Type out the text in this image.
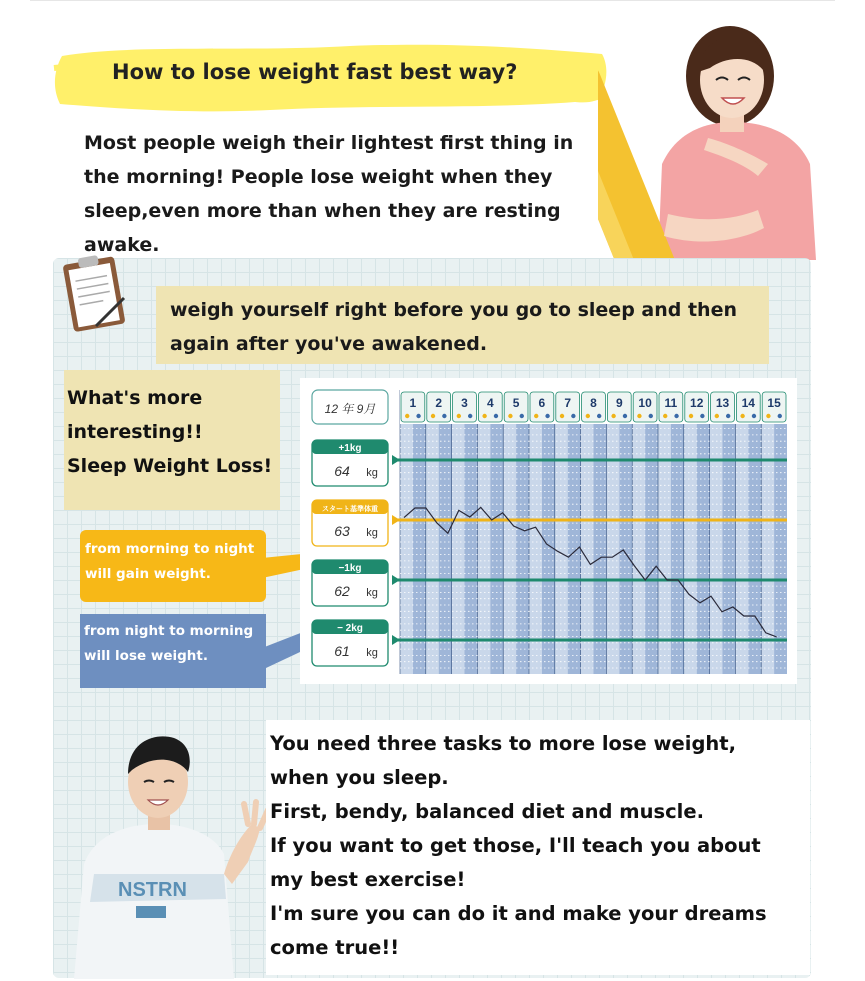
How to lose weight fast best way?
Most people weigh their lightest first thing in
the morning! People lose weight when they
sleep,even more than when they are resting
awake.
Stretchpole
weigh yourself right before you go to sleep and then
again after you've awakened.
What's more
interesting!!
Sleep Weight Loss!
from morning to night
will gain weight.
from night to morning
will lose weight.
12 年 9月
+1kg
64 kg
スタート基準体重
63 kg
−1kg
62 kg
− 2kg
61 kg
1 2 3 4 5 6 7 8 9 10 11 12 13 14 15
NSTRN
You need three tasks to more lose weight,
when you sleep.
First, bendy, balanced diet and muscle.
If you want to get those, I'll teach you about
my best exercise!
I'm sure you can do it and make your dreams
come true!!
